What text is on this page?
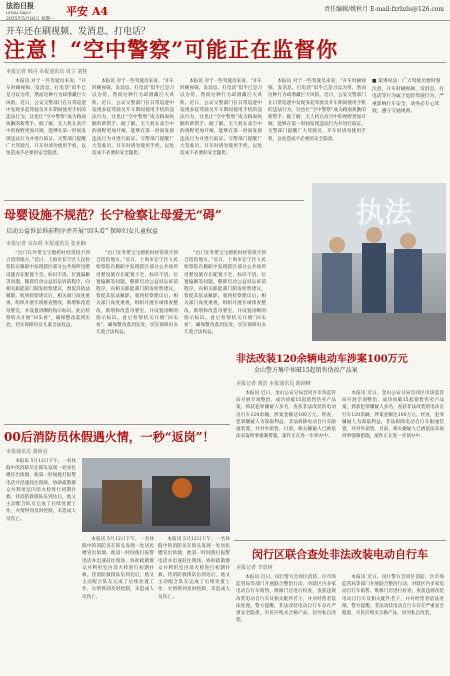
法治日报
LEGAL DAILY
2025年5月16日 星期一
平安 A4	责任编辑/姚秋月 E-mail:fzrbzls@126.com
开车还在刷视频、发消息、打电话？
注意！“空中警察”可能正在监督你
本报记者 韩丹 本报通讯员 周立 刘桂

本报讯 对于一些驾驶员来说，“开车时刷视频、发消息、打电话”似乎已是习以为常，然而这种行为却潜藏巨大风险。近日，公安交警部门在日常巡逻中发现多起驾驶员开车期间使用手机的违法行为，这也让“空中警察”成为路面执勤的新帮手。据了解，无人机在高空中的视野更加开阔，能够在第一时间发现违法行为并进行取证。交警部门提醒广大驾驶员，开车时请勿使用手机，以免造成不必要的安全隐患。

本报讯 对于一些驾驶员来说，“开车时刷视频、发消息、打电话”似乎已是习以为常，然而这种行为却潜藏巨大风险。近日，公安交警部门在日常巡逻中发现多起驾驶员开车期间使用手机的违法行为，这也让“空中警察”成为路面执勤的新帮手。据了解，无人机在高空中的视野更加开阔，能够在第一时间发现违法行为并进行取证。交警部门提醒广大驾驶员，开车时请勿使用手机，以免造成不必要的安全隐患。

本报讯 对于一些驾驶员来说，“开车时刷视频、发消息、打电话”似乎已是习以为常，然而这种行为却潜藏巨大风险。近日，公安交警部门在日常巡逻中发现多起驾驶员开车期间使用手机的违法行为，这也让“空中警察”成为路面执勤的新帮手。据了解，无人机在高空中的视野更加开阔，能够在第一时间发现违法行为并进行取证。交警部门提醒广大驾驶员，开车时请勿使用手机，以免造成不必要的安全隐患。

本报讯 对于一些驾驶员来说，“开车时刷视频、发消息、打电话”似乎已是习以为常，然而这种行为却潜藏巨大风险。近日，公安交警部门在日常巡逻中发现多起驾驶员开车期间使用手机的违法行为，这也让“空中警察”成为路面执勤的新帮手。据了解，无人机在高空中的视野更加开阔，能够在第一时间发现违法行为并进行取证。交警部门提醒广大驾驶员，开车时请勿使用手机，以免造成不必要的安全隐患。

■ 案事说法：广大驾驶员要时刻注意，开车时刷视频、发消息、打电话等行为属于危险驾驶行为，严重影响行车安全，请务必专心驾驶，遵守交通规则。
母婴设施不规范？长宁检察让母爱无“碍”
启动公益诉讼诉前程序并开展“回头看” 保障妇女儿童权益
本报记者 余东明 本报通讯员 张亚楠

“出门在外带宝宝喂奶时经常找不到合适的地方。”近日，上海市长宁区人民检察院在履职中发现辖区部分公共场所母婴设施存在配置不全、标识不清、位置偏僻等问题，随即启动公益诉讼诉前程序，向相关职能部门制发检察建议，督促其依法履职。收到检察建议后，相关部门高度重视，组织开展专项排查整改，新增和改造母婴室，并设置清晰的指示标识。此后检察机关开展“回头看”，确保整改落到实处，切实保障妇女儿童合法权益。

“出门在外带宝宝喂奶时经常找不到合适的地方。”近日，上海市长宁区人民检察院在履职中发现辖区部分公共场所母婴设施存在配置不全、标识不清、位置偏僻等问题，随即启动公益诉讼诉前程序，向相关职能部门制发检察建议，督促其依法履职。收到检察建议后，相关部门高度重视，组织开展专项排查整改，新增和改造母婴室，并设置清晰的指示标识。此后检察机关开展“回头看”，确保整改落到实处，切实保障妇女儿童合法权益。

“出门在外带宝宝喂奶时经常找不到合适的地方。”近日，上海市长宁区人民检察院在履职中发现辖区部分公共场所母婴设施存在配置不全、标识不清、位置偏僻等问题，随即启动公益诉讼诉前程序，向相关职能部门制发检察建议，督促其依法履职。收到检察建议后，相关部门高度重视，组织开展专项排查整改，新增和改造母婴室，并设置清晰的指示标识。此后检察机关开展“回头看”，确保整改落到实处，切实保障妇女儿童合法权益。

执法
非法改装120余辆电动车涉案100万元
金山警方集中侦破15起销售伪改产品案
本报记者 黄浩 本报通讯员 陈钢峰

本报讯 近日，金山公安分局会同区市场监管局开展专项整治，成功侦破15起销售伪劣产品案，抓获犯罪嫌疑人多名，查获非法改装的电动自行车120余辆，涉案金额达100万元。经查，犯罪嫌疑人为谋取利益，非法拆除电动自行车限速装置，并对外销售。目前，相关嫌疑人已被依法采取刑事强制措施，案件正在进一步侦办中。

本报讯 近日，金山公安分局会同区市场监管局开展专项整治，成功侦破15起销售伪劣产品案，抓获犯罪嫌疑人多名，查获非法改装的电动自行车120余辆，涉案金额达100万元。经查，犯罪嫌疑人为谋取利益，非法拆除电动自行车限速装置，并对外销售。目前，相关嫌疑人已被依法采取刑事强制措施，案件正在进一步侦办中。

00后消防员休假遇火情，一秒“返岗”！
本报通讯员 龚荷亮

本报讯 5月12日下午，一名休假中的消防员在街头发现一处居民楼冒出浓烟，他第一时间拨打报警电话并迅速赶往现场，协助疏散群众并利用室内消火栓进行初期扑救。待消防救援队伍到达后，他又主动配合队友完成了后续处置工作，火情得到及时控制，未造成人员伤亡。

本报讯 5月12日下午，一名休假中的消防员在街头发现一处居民楼冒出浓烟，他第一时间拨打报警电话并迅速赶往现场，协助疏散群众并利用室内消火栓进行初期扑救。待消防救援队伍到达后，他又主动配合队友完成了后续处置工作，火情得到及时控制，未造成人员伤亡。

本报讯 5月12日下午，一名休假中的消防员在街头发现一处居民楼冒出浓烟，他第一时间拨打报警电话并迅速赶往现场，协助疏散群众并利用室内消火栓进行初期扑救。待消防救援队伍到达后，他又主动配合队友完成了后续处置工作，火情得到及时控制，未造成人员伤亡。

闵行区联合查处非法改装电动自行车
本报记者 李恩树

本报讯 近日，闵行警方会同区消防、区市场监管局等部门开展联合整治行动，对辖区内多家电动自行车销售、维修门店进行检查，查获违规改装电动自行车及相关配件若干，并对经营者依法处理。警方提醒，非法改装电动自行车存在严重安全隐患，市民应购买合格产品，切勿私自改装。

本报讯 近日，闵行警方会同区消防、区市场监管局等部门开展联合整治行动，对辖区内多家电动自行车销售、维修门店进行检查，查获违规改装电动自行车及相关配件若干，并对经营者依法处理。警方提醒，非法改装电动自行车存在严重安全隐患，市民应购买合格产品，切勿私自改装。
